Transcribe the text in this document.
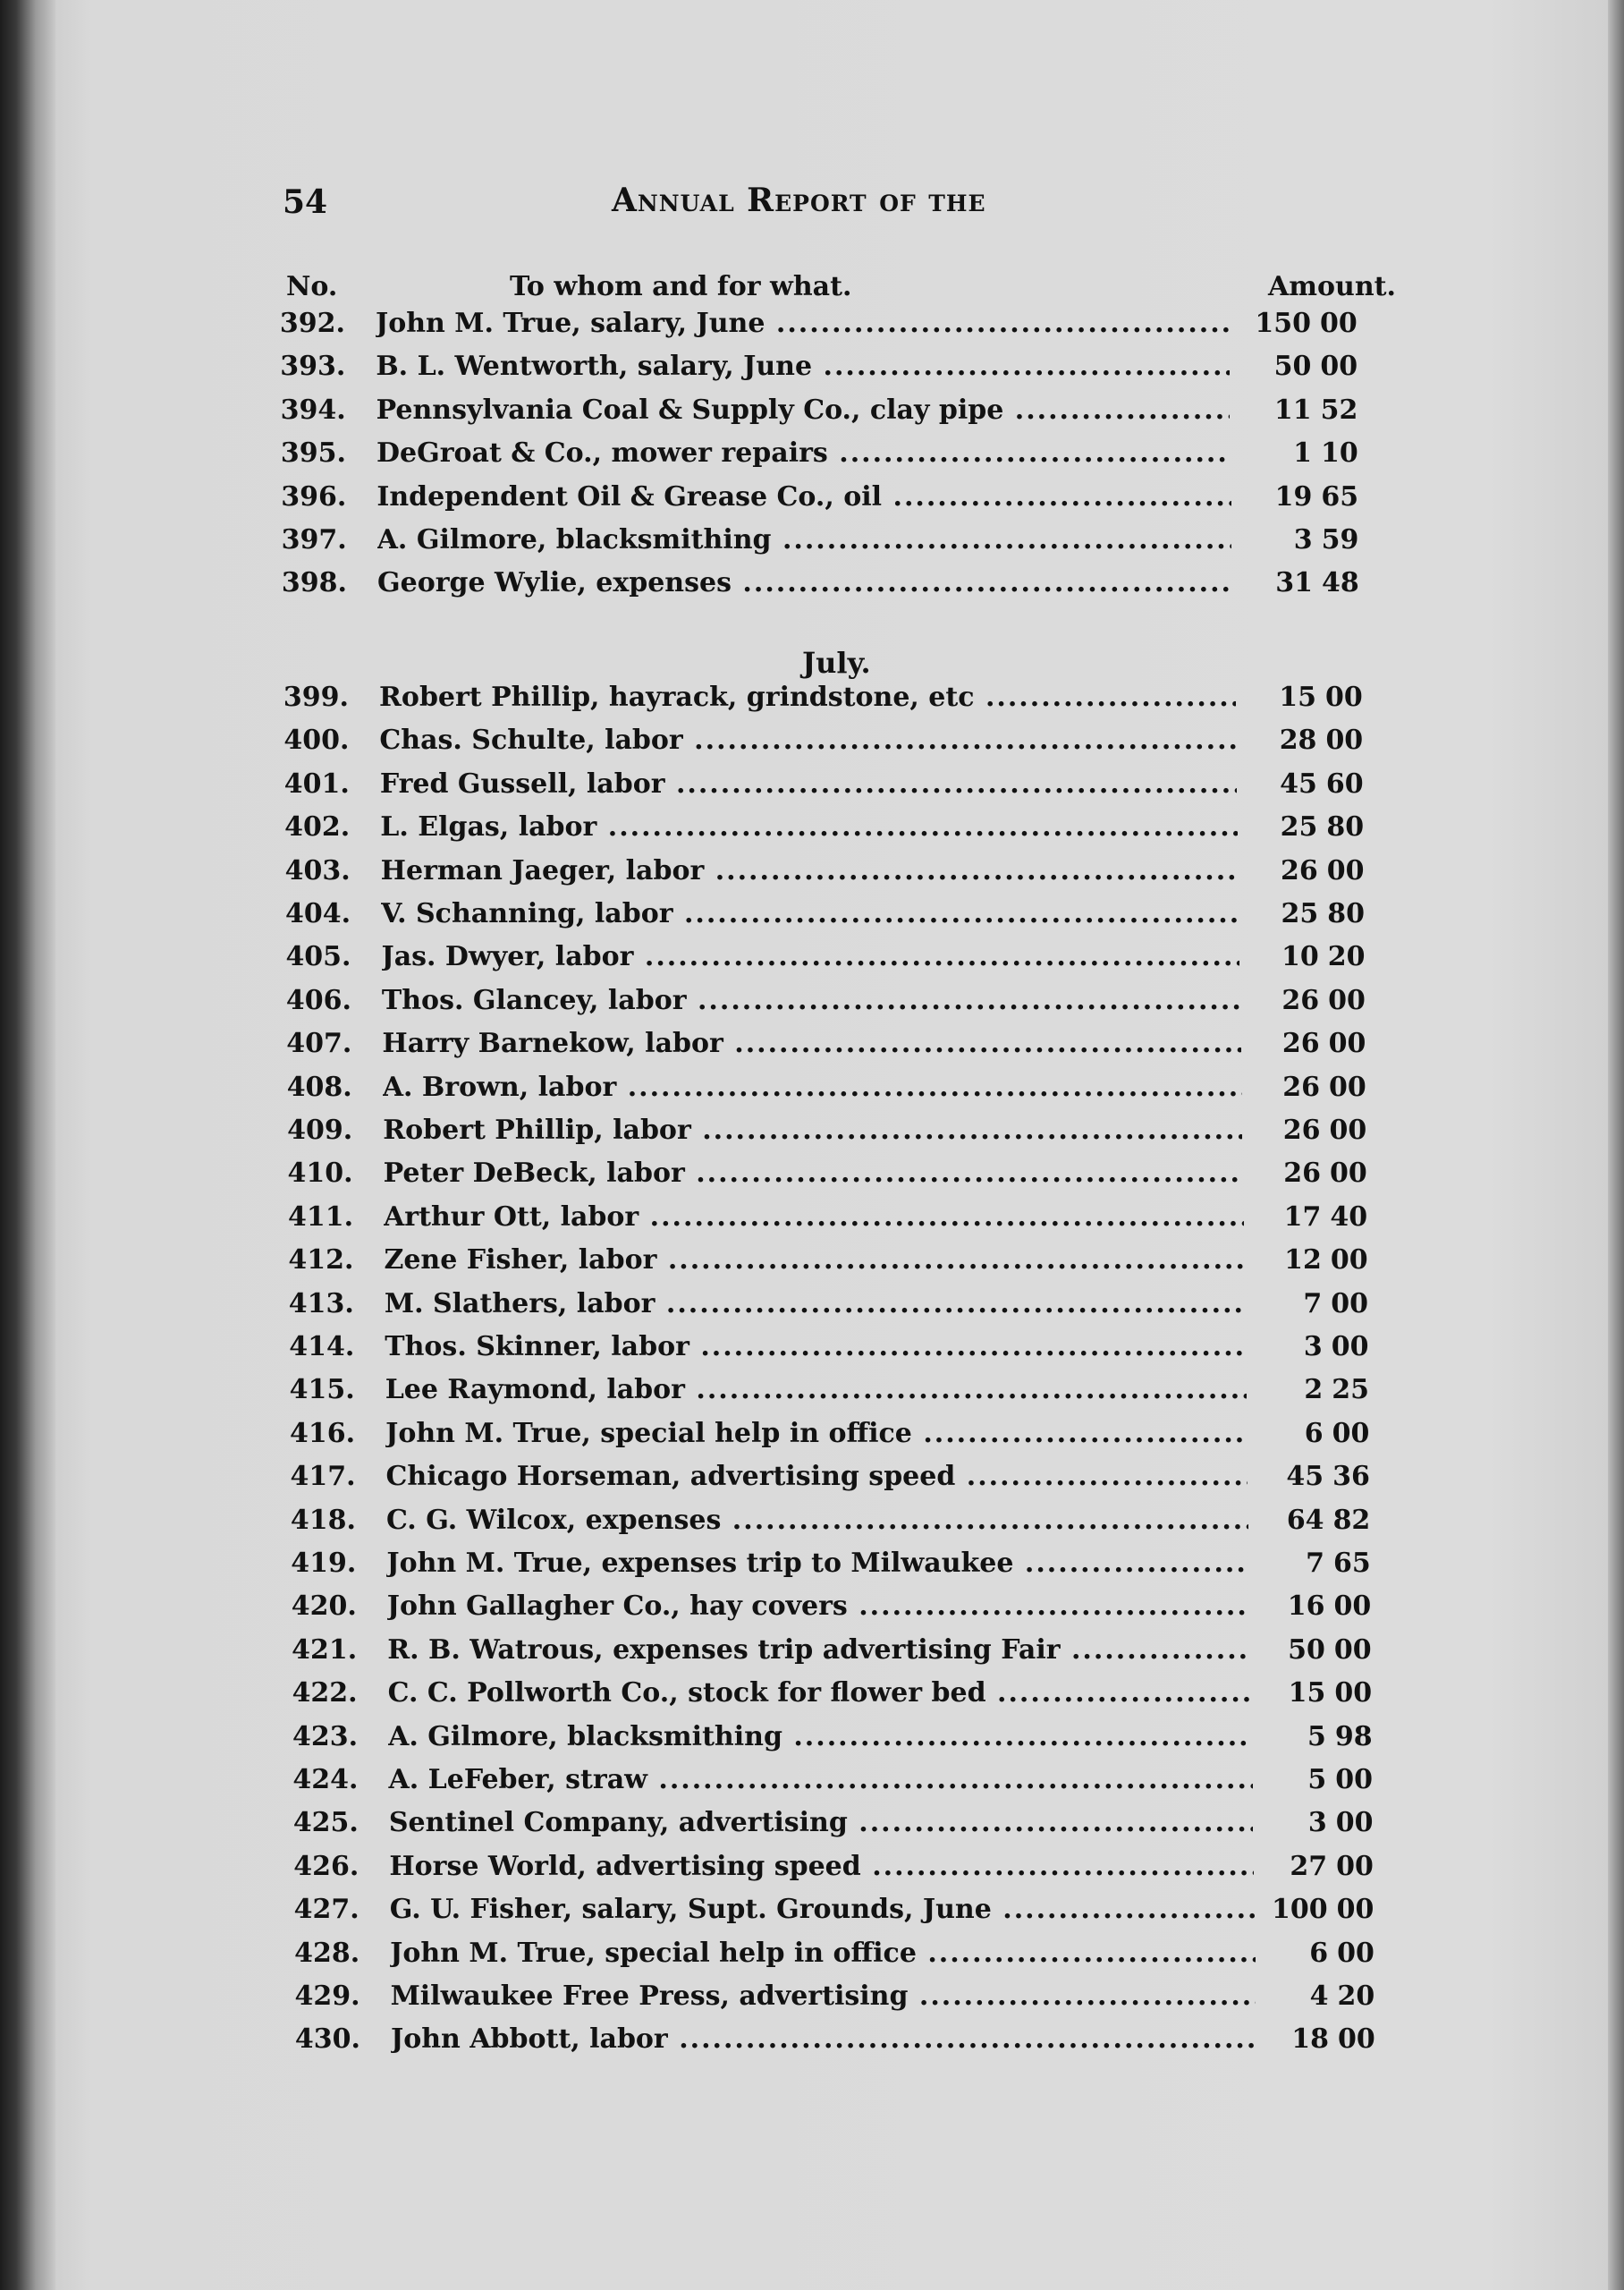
54	Annual Report of the
No.	To whom and for what.	Amount.
July.
392. John M. True, salary, June .....	150 00
393. B. L. Wentworth, salary, June .....	50 00
394. Pennsylvania Coal & Supply Co., clay pipe .....	11 52
395. DeGroat & Co., mower repairs .....	1 10
396. Independent Oil & Grease Co., oil .....	19 65
397. A. Gilmore, blacksmithing .....	3 59
398. George Wylie, expenses .....	31 48
399. Robert Phillip, hayrack, grindstone, etc .....	15 00
400. Chas. Schulte, labor .....	28 00
401. Fred Gussell, labor .....	45 60
402. L. Elgas, labor .....	25 80
403. Herman Jaeger, labor .....	26 00
404. V. Schanning, labor .....	25 80
405. Jas. Dwyer, labor .....	10 20
406. Thos. Glancey, labor .....	26 00
407. Harry Barnekow, labor .....	26 00
408. A. Brown, labor .....	26 00
409. Robert Phillip, labor .....	26 00
410. Peter DeBeck, labor .....	26 00
411. Arthur Ott, labor .....	17 40
412. Zene Fisher, labor .....	12 00
413. M. Slathers, labor .....	7 00
414. Thos. Skinner, labor .....	3 00
415. Lee Raymond, labor .....	2 25
416. John M. True, special help in office .....	6 00
417. Chicago Horseman, advertising speed .....	45 36
418. C. G. Wilcox, expenses .....	64 82
419. John M. True, expenses trip to Milwaukee .....	7 65
420. John Gallagher Co., hay covers .....	16 00
421. R. B. Watrous, expenses trip advertising Fair .....	50 00
422. C. C. Pollworth Co., stock for flower bed .....	15 00
423. A. Gilmore, blacksmithing .....	5 98
424. A. LeFeber, straw .....	5 00
425. Sentinel Company, advertising .....	3 00
426. Horse World, advertising speed .....	27 00
427. G. U. Fisher, salary, Supt. Grounds, June .....	100 00
428. John M. True, special help in office .....	6 00
429. Milwaukee Free Press, advertising .....	4 20
430. John Abbott, labor .....	18 00
